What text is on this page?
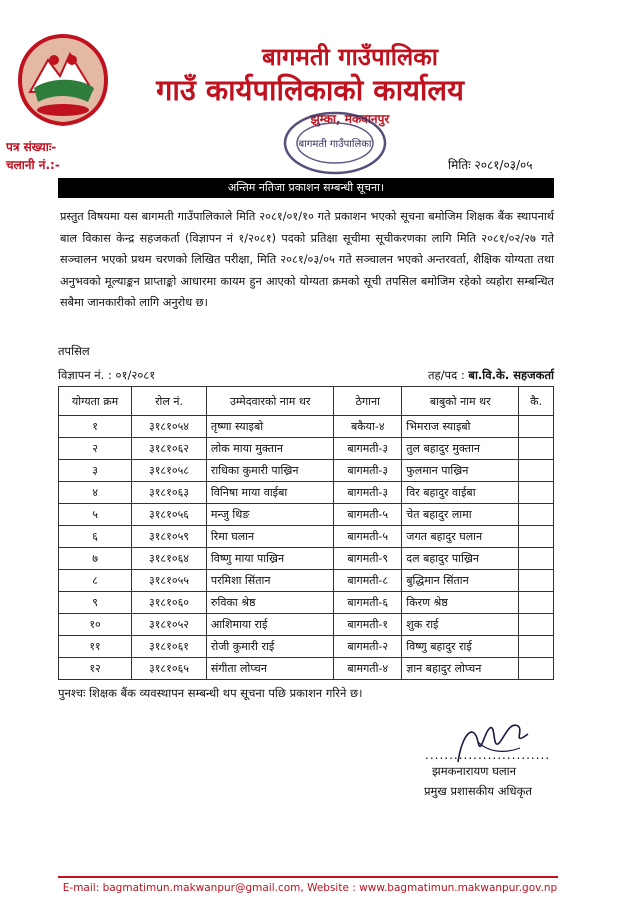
बागमती गाउँपालिका
गाउँ कार्यपालिकाको कार्यालय
झुम्का, मकवानपुर
बागमती गाउँपालिका
पत्र संख्याः-
चलानी नं.:-	मितिः २०८१/०३/०५
अन्तिम नतिजा प्रकाशन सम्बन्धी सूचना।
प्रस्तुत विषयमा यस बागमती गाउँपालिकाले मिति २०८१/०१/१० गते प्रकाशन भएको सूचना बमोजिम शिक्षक बैंक स्थापनार्थ बाल विकास केन्द्र सहजकर्ता (विज्ञापन नं १/२०८१) पदको प्रतिक्षा सूचीमा सूचीकरणका लागि मिति २०८१/०२/२७ गते सञ्चालन भएको प्रथम चरणको लिखित परीक्षा, मिति २०८१/०३/०५ गते सञ्चालन भएको अन्तरवर्ता, शैक्षिक योग्यता तथा अनुभवको मूल्याङ्कन प्राप्ताङ्को आधारमा कायम हुन आएको योग्यता क्रमको सूची तपसिल बमोजिम रहेको व्यहोरा सम्बन्धित सबैमा जानकारीको लागि अनुरोध छ।
तपसिल
विज्ञापन नं. : ०१/२०८१	तह/पद : बा.वि.के. सहजकर्ता
योग्यता क्रम	रोल नं.	उम्मेदवारको नाम थर	ठेगाना	बाबुको नाम थर	कै.
१	३१८१०५४	तृष्णा स्याइबो	बकैया-४	भिमराज स्याइबो	
२	३१८१०६२	लोक माया मुक्तान	बागमती-३	तुल बहादुर मुक्तान	
३	३१८१०५८	राधिका कुमारी पाख्रिन	बागमती-३	फुलमान पाख्रिन	
४	३१८१०६३	विनिषा माया वाईबा	बागमती-३	विर बहादुर वाईबा	
५	३१८१०५६	मन्जु थिङ	बागमती-५	चेत बहादुर लामा	
६	३१८१०५९	रिमा घलान	बागमती-५	जगत बहादुर घलान	
७	३१८१०६४	विष्णु माया पाख्रिन	बागमती-९	दल बहादुर पाख्रिन	
८	३१८१०५५	परमिशा सिंतान	बागमती-८	बुद्धिमान सिंतान	
९	३१८१०६०	रुविका श्रेष्ठ	बागमती-६	किरण श्रेष्ठ	
१०	३१८१०५२	आशिमाया राई	बागमती-१	शुक राई	
११	३१८१०६१	रोजी कुमारी राई	बागमती-२	विष्णु बहादुर राई	
१२	३१८१०६५	संगीता लोप्चन	बामगती-४	ज्ञान बहादुर लोप्चन	
पुनश्चः शिक्षक बैंक व्यवस्थापन सम्बन्धी थप सूचना पछि प्रकाशन गरिने छ।
..........................
झमकनारायण घलान
प्रमुख प्रशासकीय अधिकृत
E-mail: bagmatimun.makwanpur@gmail.com, Website : www.bagmatimun.makwanpur.gov.np
